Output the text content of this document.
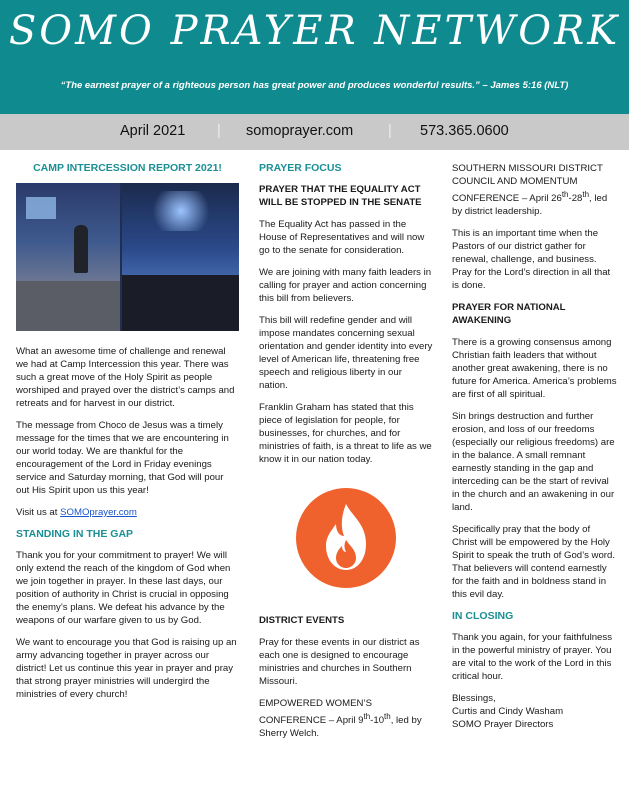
SOMO PRAYER NETWORK
“The earnest prayer of a righteous person has great power and produces wonderful results.” – James 5:16 (NLT)
April 2021 | somoprayer.com | 573.365.0600
CAMP INTERCESSION REPORT 2021!

What an awesome time of challenge and renewal we had at Camp Intercession this year. There was such a great move of the Holy Spirit as people worshiped and prayed over the district’s camps and retreats and for harvest in our district.

The message from Choco de Jesus was a timely message for the times that we are encountering in our world today. We are thankful for the encouragement of the Lord in Friday evenings service and Saturday morning, that God will pour out His Spirit upon us this year!

Visit us at SOMOprayer.com

STANDING IN THE GAP

Thank you for your commitment to prayer! We will only extend the reach of the kingdom of God when we join together in prayer. In these last days, our position of authority in Christ is crucial in opposing the enemy’s plans. We defeat his advance by the weapons of our warfare given to us by God.

We want to encourage you that God is raising up an army advancing together in prayer across our district! Let us continue this year in prayer and pray that strong prayer ministries will undergird the ministries of every church!

PRAYER FOCUS

PRAYER THAT THE EQUALITY ACT WILL BE STOPPED IN THE SENATE

The Equality Act has passed in the House of Representatives and will now go to the senate for consideration.

We are joining with many faith leaders in calling for prayer and action concerning this bill from believers.

This bill will redefine gender and will impose mandates concerning sexual orientation and gender identity into every level of American life, threatening free speech and religious liberty in our nation.

Franklin Graham has stated that this piece of legislation for people, for businesses, for churches, and for ministries of faith, is a threat to life as we know it in our nation today.

DISTRICT EVENTS

Pray for these events in our district as each one is designed to encourage ministries and churches in Southern Missouri.

EMPOWERED WOMEN’S CONFERENCE – April 9th-10th, led by Sherry Welch.

SOUTHERN MISSOURI DISTRICT COUNCIL AND MOMENTUM CONFERENCE – April 26th-28th, led by district leadership.

This is an important time when the Pastors of our district gather for renewal, challenge, and business. Pray for the Lord’s direction in all that is done.

PRAYER FOR NATIONAL AWAKENING

There is a growing consensus among Christian faith leaders that without another great awakening, there is no future for America. America’s problems are first of all spiritual.

Sin brings destruction and further erosion, and loss of our freedoms (especially our religious freedoms) are in the balance. A small remnant earnestly standing in the gap and interceding can be the start of revival in the church and an awakening in our land.

Specifically pray that the body of Christ will be empowered by the Holy Spirit to speak the truth of God’s word. That believers will contend earnestly for the faith and in boldness stand in this evil day.

IN CLOSING

Thank you again, for your faithfulness in the powerful ministry of prayer. You are vital to the work of the Lord in this critical hour.

Blessings,
Curtis and Cindy Washam
SOMO Prayer Directors
